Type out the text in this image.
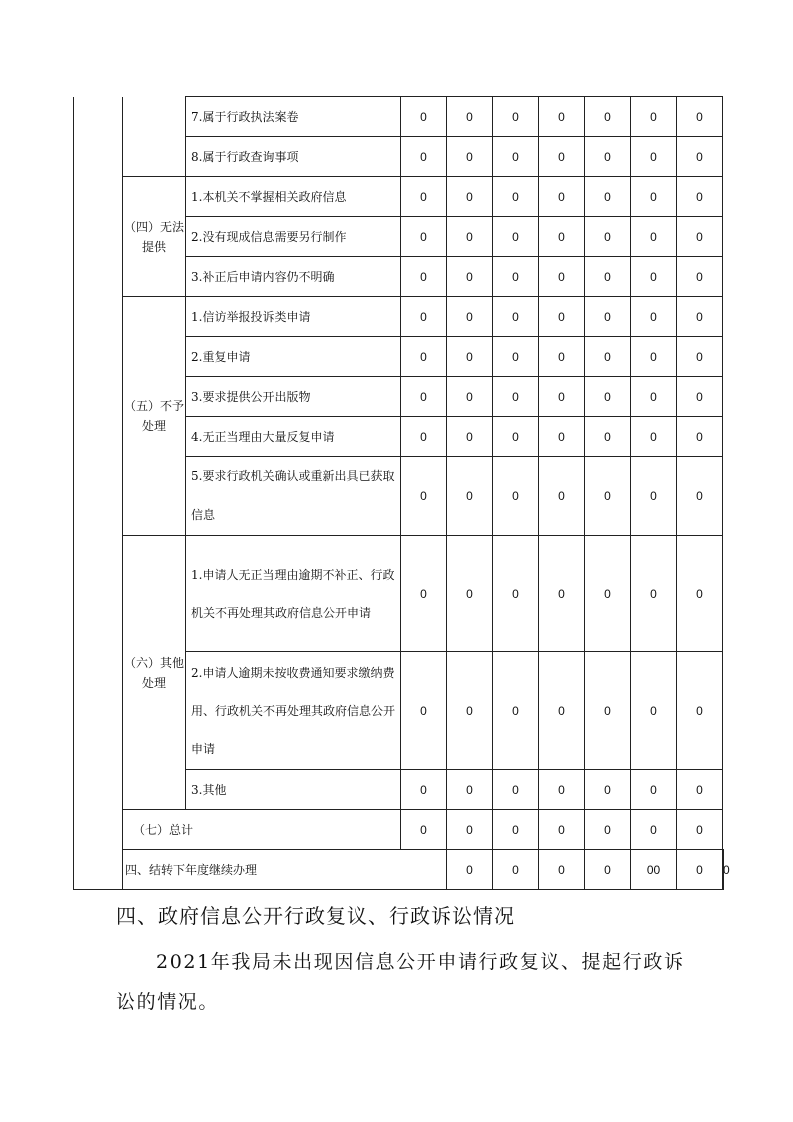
		7.属于行政执法案卷	0	0	0	0	0	0	0	
		8.属于行政查询事项	0	0	0	0	0	0	0	
	（四）无法提供	1.本机关不掌握相关政府信息	0	0	0	0	0	0	0	
		2.没有现成信息需要另行制作	0	0	0	0	0	0	0	
		3.补正后申请内容仍不明确	0	0	0	0	0	0	0	
	（五）不予处理	1.信访举报投诉类申请	0	0	0	0	0	0	0	
		2.重复申请	0	0	0	0	0	0	0	
		3.要求提供公开出版物	0	0	0	0	0	0	0	
		4.无正当理由大量反复申请	0	0	0	0	0	0	0	
		5.要求行政机关确认或重新出具已获取信息	0	0	0	0	0	0	0	
	（六）其他处理	1.申请人无正当理由逾期不补正、行政机关不再处理其政府信息公开申请	0	0	0	0	0	0	0	
		2.申请人逾期未按收费通知要求缴纳费用、行政机关不再处理其政府信息公开申请	0	0	0	0	0	0	0	
		3.其他	0	0	0	0	0	0	0	
	（七）总计		0	0	0	0	0	0	0	
	四、结转下年度继续办理			0	0	0	0	00	0	0
四、政府信息公开行政复议、行政诉讼情况

2021年我局未出现因信息公开申请行政复议、提起行政诉讼的情况。
